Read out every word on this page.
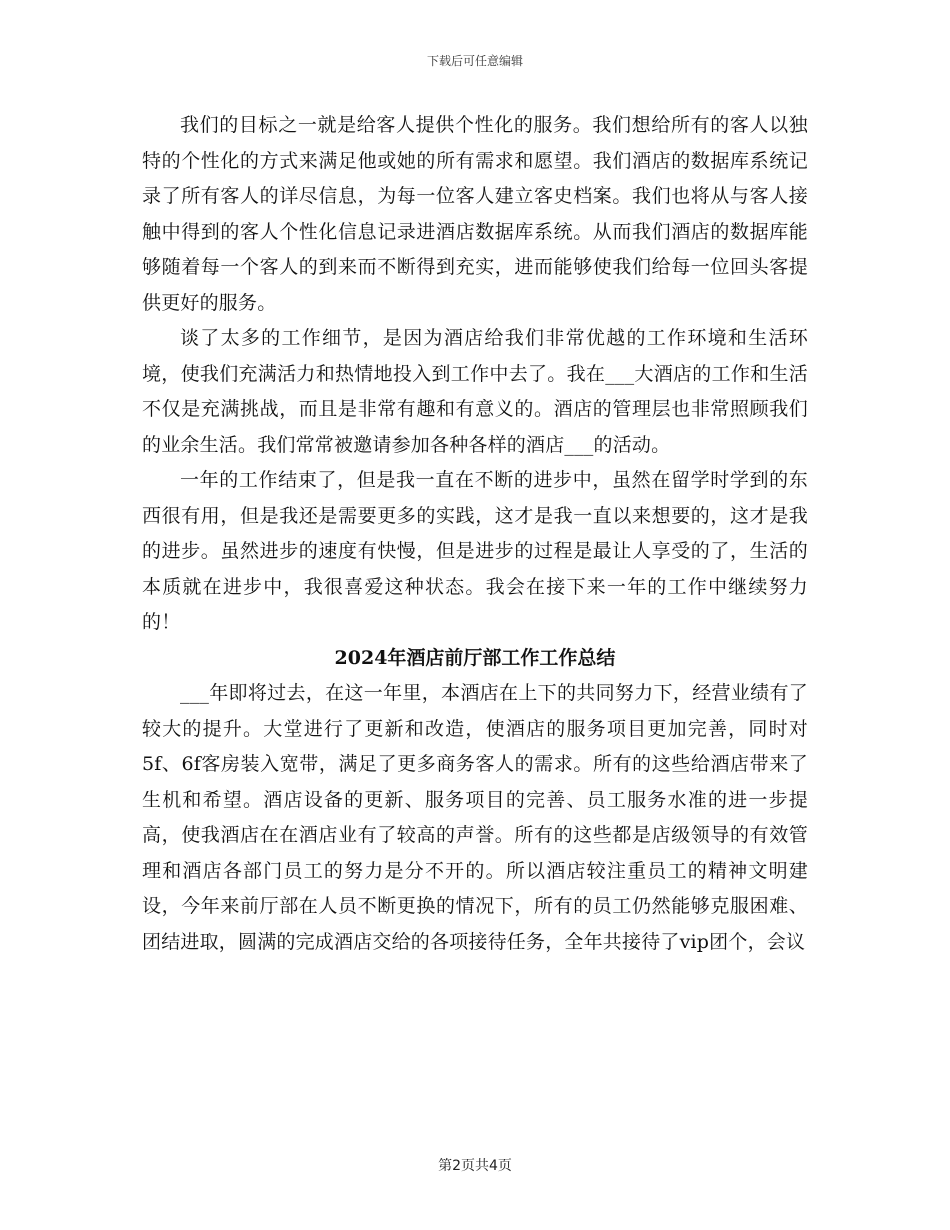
下载后可任意编辑

我们的目标之一就是给客人提供个性化的服务。我们想给所有的客人以独特的个性化的方式来满足他或她的所有需求和愿望。我们酒店的数据库系统记录了所有客人的详尽信息，为每一位客人建立客史档案。我们也将从与客人接触中得到的客人个性化信息记录进酒店数据库系统。从而我们酒店的数据库能够随着每一个客人的到来而不断得到充实，进而能够使我们给每一位回头客提供更好的服务。

谈了太多的工作细节，是因为酒店给我们非常优越的工作环境和生活环境，使我们充满活力和热情地投入到工作中去了。我在___大酒店的工作和生活不仅是充满挑战，而且是非常有趣和有意义的。酒店的管理层也非常照顾我们的业余生活。我们常常被邀请参加各种各样的酒店___的活动。

一年的工作结束了，但是我一直在不断的进步中，虽然在留学时学到的东西很有用，但是我还是需要更多的实践，这才是我一直以来想要的，这才是我的进步。虽然进步的速度有快慢，但是进步的过程是最让人享受的了，生活的本质就在进步中，我很喜爱这种状态。我会在接下来一年的工作中继续努力的！

2024年酒店前厅部工作工作总结

___年即将过去，在这一年里，本酒店在上下的共同努力下，经营业绩有了较大的提升。大堂进行了更新和改造，使酒店的服务项目更加完善，同时对5f、6f客房装入宽带，满足了更多商务客人的需求。所有的这些给酒店带来了生机和希望。酒店设备的更新、服务项目的完善、员工服务水准的进一步提高，使我酒店在在酒店业有了较高的声誉。所有的这些都是店级领导的有效管理和酒店各部门员工的努力是分不开的。所以酒店较注重员工的精神文明建设，今年来前厅部在人员不断更换的情况下，所有的员工仍然能够克服困难、团结进取，圆满的完成酒店交给的各项接待任务，全年共接待了vip团个，会议

第2页共4页
